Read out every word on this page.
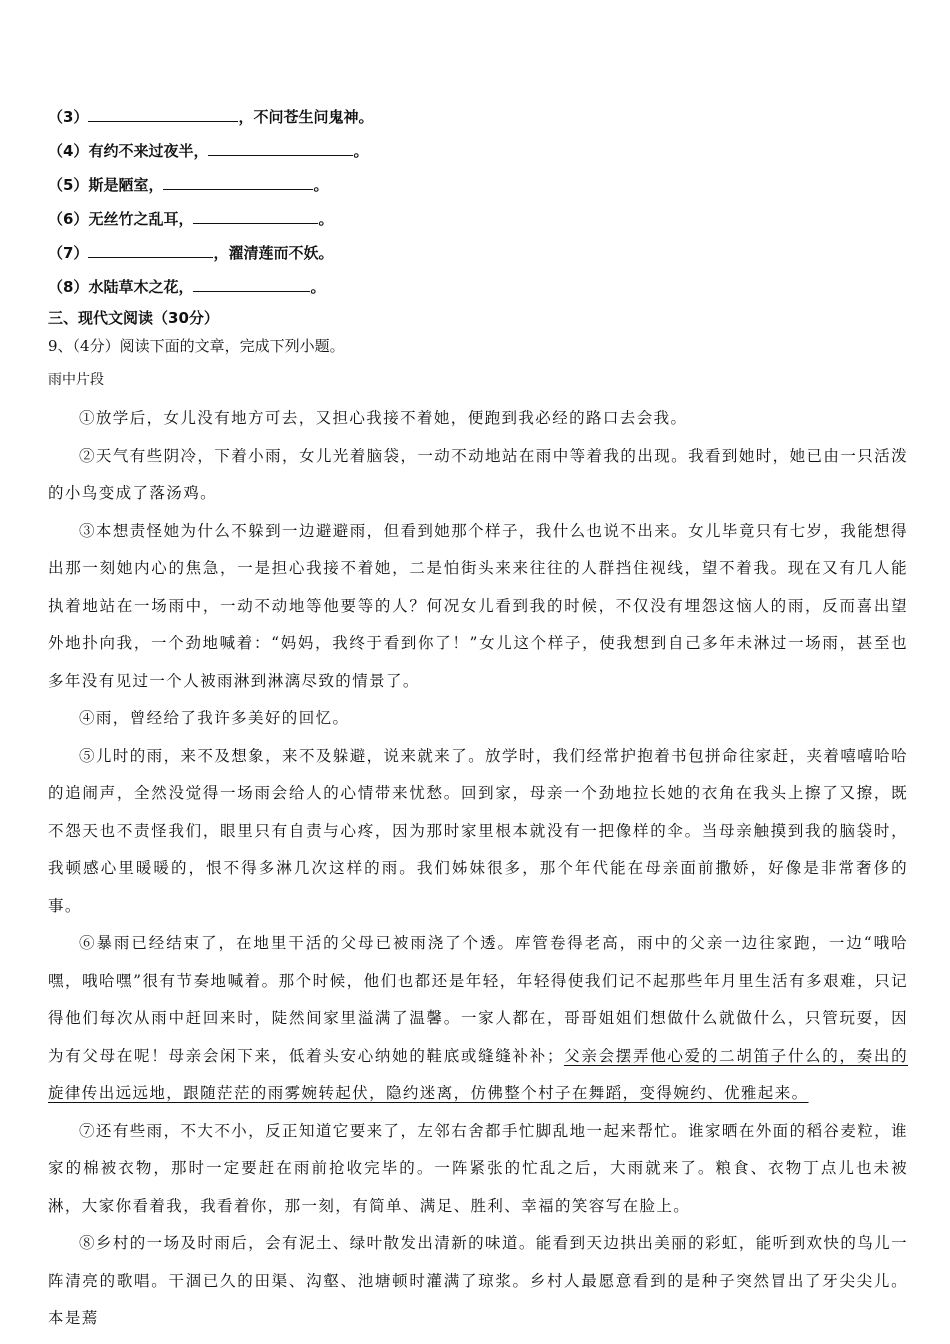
（3）	，不问苍生问鬼神。
（4）有约不来过夜半，	。
（5）斯是陋室，	。
（6）无丝竹之乱耳，	。
（7）	，濯清莲而不妖。
（8）水陆草木之花，	。
三、现代文阅读（30分）
9、（4分）阅读下面的文章，完成下列小题。
雨中片段

①放学后，女儿没有地方可去，又担心我接不着她，便跑到我必经的路口去会我。

②天气有些阴冷，下着小雨，女儿光着脑袋，一动不动地站在雨中等着我的出现。我看到她时，她已由一只活泼的小鸟变成了落汤鸡。

③本想责怪她为什么不躲到一边避避雨，但看到她那个样子，我什么也说不出来。女儿毕竟只有七岁，我能想得出那一刻她内心的焦急，一是担心我接不着她，二是怕街头来来往往的人群挡住视线，望不着我。现在又有几人能执着地站在一场雨中，一动不动地等他要等的人？何况女儿看到我的时候，不仅没有埋怨这恼人的雨，反而喜出望外地扑向我，一个劲地喊着：“妈妈，我终于看到你了！”女儿这个样子，使我想到自己多年未淋过一场雨，甚至也多年没有见过一个人被雨淋到淋漓尽致的情景了。

④雨，曾经给了我许多美好的回忆。

⑤儿时的雨，来不及想象，来不及躲避，说来就来了。放学时，我们经常护抱着书包拼命往家赶，夹着嘻嘻哈哈的追闹声，全然没觉得一场雨会给人的心情带来忧愁。回到家，母亲一个劲地拉长她的衣角在我头上擦了又擦，既不怨天也不责怪我们，眼里只有自责与心疼，因为那时家里根本就没有一把像样的伞。当母亲触摸到我的脑袋时，我顿感心里暖暖的，恨不得多淋几次这样的雨。我们姊妹很多，那个年代能在母亲面前撒娇，好像是非常奢侈的事。

⑥暴雨已经结束了，在地里干活的父母已被雨浇了个透。库管卷得老高，雨中的父亲一边往家跑，一边“哦哈嘿，哦哈嘿”很有节奏地喊着。那个时候，他们也都还是年轻，年轻得使我们记不起那些年月里生活有多艰难，只记得他们每次从雨中赶回来时，陡然间家里溢满了温馨。一家人都在，哥哥姐姐们想做什么就做什么，只管玩耍，因为有父母在呢！母亲会闲下来，低着头安心纳她的鞋底或缝缝补补；父亲会摆弄他心爱的二胡笛子什么的，奏出的旋律传出远远地，跟随茫茫的雨雾婉转起伏，隐约迷离，仿佛整个村子在舞蹈，变得婉约、优雅起来。

⑦还有些雨，不大不小，反正知道它要来了，左邻右舍都手忙脚乱地一起来帮忙。谁家晒在外面的稻谷麦粒，谁家的棉被衣物，那时一定要赶在雨前抢收完毕的。一阵紧张的忙乱之后，大雨就来了。粮食、衣物丁点儿也未被淋，大家你看着我，我看着你，那一刻，有简单、满足、胜利、幸福的笑容写在脸上。

⑧乡村的一场及时雨后，会有泥土、绿叶散发出清新的味道。能看到天边拱出美丽的彩虹，能听到欢快的鸟儿一阵清亮的歌唱。干涸已久的田渠、沟壑、池塘顿时灌满了琼浆。乡村人最愿意看到的是种子突然冒出了牙尖尖儿。本是蔫
